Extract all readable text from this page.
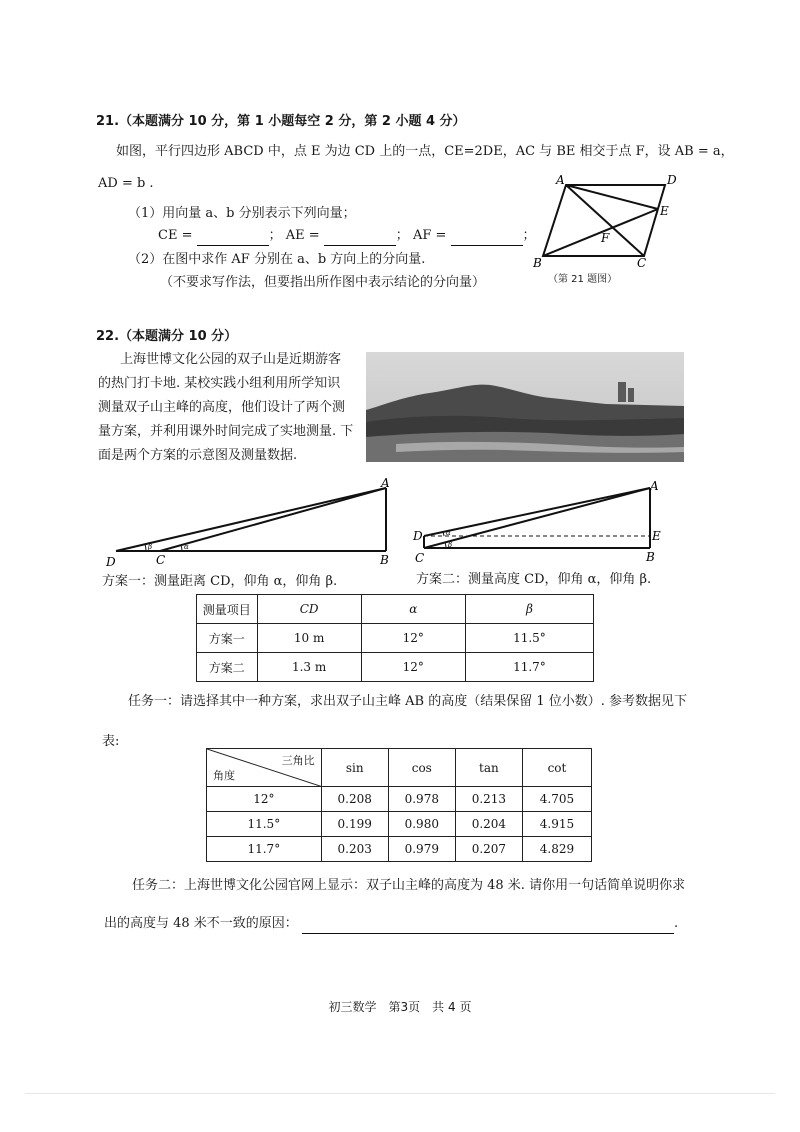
21.（本题满分 10 分，第 1 小题每空 2 分，第 2 小题 4 分）
如图，平行四边形 ABCD 中，点 E 为边 CD 上的一点，CE=2DE，AC 与 BE 相交于点 F，设 AB = a，
AD = b .
（1）用向量 a、b 分别表示下列向量；
CE =	； AE =	； AF =	；
（2）在图中求作 AF 分别在 a、b 方向上的分向量.
（不要求写作法，但要指出所作图中表示结论的分向量）
A	D
E
F
B	C
（第 21 题图）
22.（本题满分 10 分）
上海世博文化公园的双子山是近期游客
的热门打卡地. 某校实践小组利用所学知识
测量双子山主峰的高度，他们设计了两个测
量方案，并利用课外时间完成了实地测量. 下
面是两个方案的示意图及测量数据.
β	α
A
B
C
D
α
β
A
E
B
D
C
方案一：测量距离 CD，仰角 α，仰角 β.	方案二：测量高度 CD，仰角 α，仰角 β.
测量项目	CD	α	β
方案一	10 m	12°	11.5°
方案二	1.3 m	12°	11.7°
任务一：请选择其中一种方案，求出双子山主峰 AB 的高度（结果保留 1 位小数）. 参考数据见下
表:
三角比
角度	sin	cos	tan	cot
12°	0.208	0.978	0.213	4.705
11.5°	0.199	0.980	0.204	4.915
11.7°	0.203	0.979	0.207	4.829
任务二：上海世博文化公园官网上显示：双子山主峰的高度为 48 米. 请你用一句话简单说明你求
出的高度与 48 米不一致的原因：	.
初三数学　第3页　共 4 页
